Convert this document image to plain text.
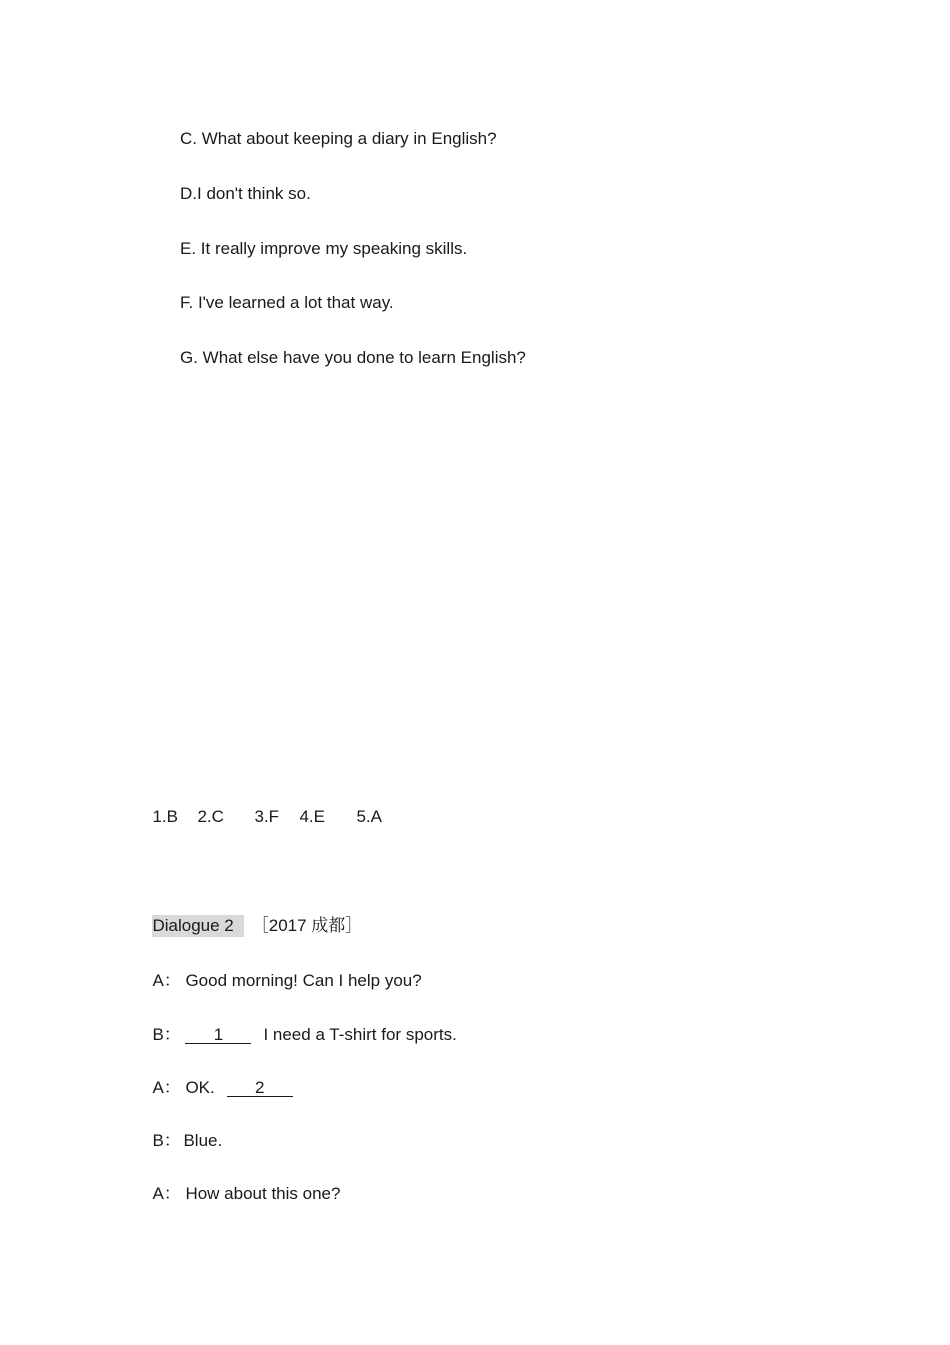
C. What about keeping a diary in English?
D.I don't think so.
E. It really improve my speaking skills.
F. I've learned a lot that way.
G. What else have you done to learn English?

1.B 2.C 3.F 4.E 5.A

Dialogue 2 ［2017 成都］

A： Good morning! Can I help you?

B： 1 I need a T-shirt for sports.

A： OK. 2

B： Blue.

A： How about this one?
